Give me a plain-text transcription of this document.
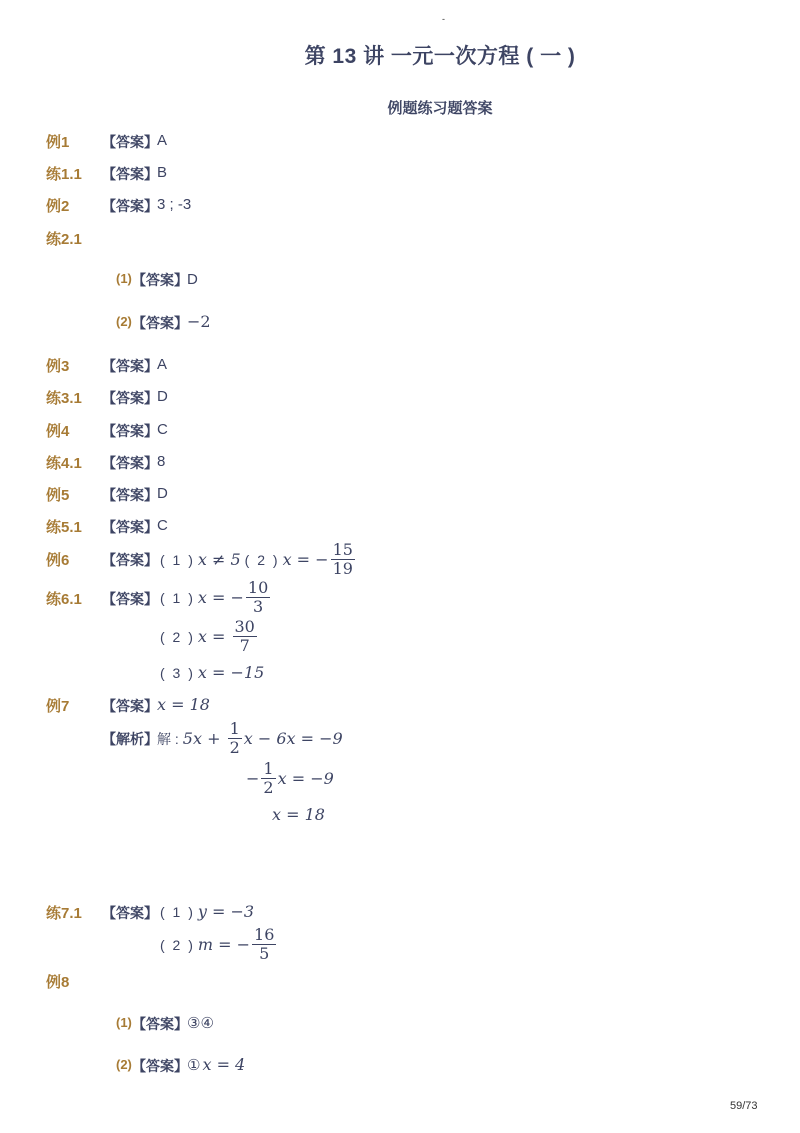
-
第 13 讲 一元一次方程 ( 一 )
例题练习题答案
例1 【答案】 A
练1.1 【答案】 B
例2 【答案】 3 ; -3
练2.1
(1) 【答案】 D
(2) 【答案】 −2
例3 【答案】 A
练3.1 【答案】 D
例4 【答案】 C
练4.1 【答案】 8
例5 【答案】 D
练5.1 【答案】 C
例6 【答案】 ( 1 ) x ≠ 5 ( 2 ) x = − $\frac{15}{19}$
练6.1 【答案】 ( 1 ) x = − $\frac{10}{3}$
( 2 ) $x = \frac{30}{7}$
( 3 ) x = −15
例7 【答案】 x = 18
【解析】 解 : $5x + \frac{1}{2}$ x − 6x = −9
− $\frac{1}{2}$ x = −9
x = 18
练7.1 【答案】 ( 1 ) y = −3
( 2 ) m = − $\frac{16}{5}$
例8
(1) 【答案】 ③④
(2) 【答案】 ① x = 4
59/73
